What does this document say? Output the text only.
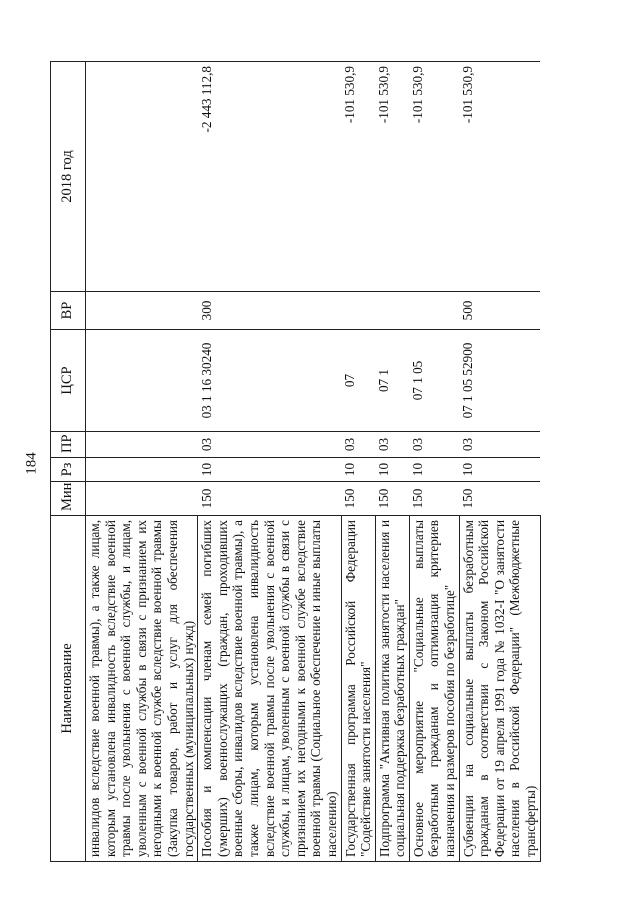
184
Наименование	Мин	Рз	ПР	ЦСР	ВР	2018 год
инвалидов вследствие военной травмы), а также лицам, которым установлена инвалидность вследствие военной травмы после увольнения с военной службы, и лицам, уволенным с военной службы в связи с признанием их негодными к военной службе вследствие военной травмы (Закупка товаров, работ и услуг для обеспечения государственных (муниципальных) нужд)						
Пособия и компенсации членам семей погибших (умерших) военнослужащих (граждан, проходивших военные сборы, инвалидов вследствие военной травмы), а также лицам, которым установлена инвалидность вследствие военной травмы после увольнения с военной службы, и лицам, уволенным с военной службы в связи с признанием их негодными к военной службе вследствие военной травмы (Социальное обеспечение и иные выплаты населению)	150	10	03	03 1 16 30240	300	-2 443 112,8
Государственная программа Российской Федерации "Содействие занятости населения"	150	10	03	07		-101 530,9
Подпрограмма "Активная политика занятости населения и социальная поддержка безработных граждан"	150	10	03	07 1		-101 530,9
Основное мероприятие "Социальные выплаты безработным гражданам и оптимизация критериев назначения и размеров пособия по безработице"	150	10	03	07 1 05		-101 530,9
Субвенции на социальные выплаты безработным гражданам в соответствии с Законом Российской Федерации от 19 апреля 1991 года № 1032-I "О занятости населения в Российской Федерации" (Межбюджетные трансферты)	150	10	03	07 1 05 52900	500	-101 530,9
